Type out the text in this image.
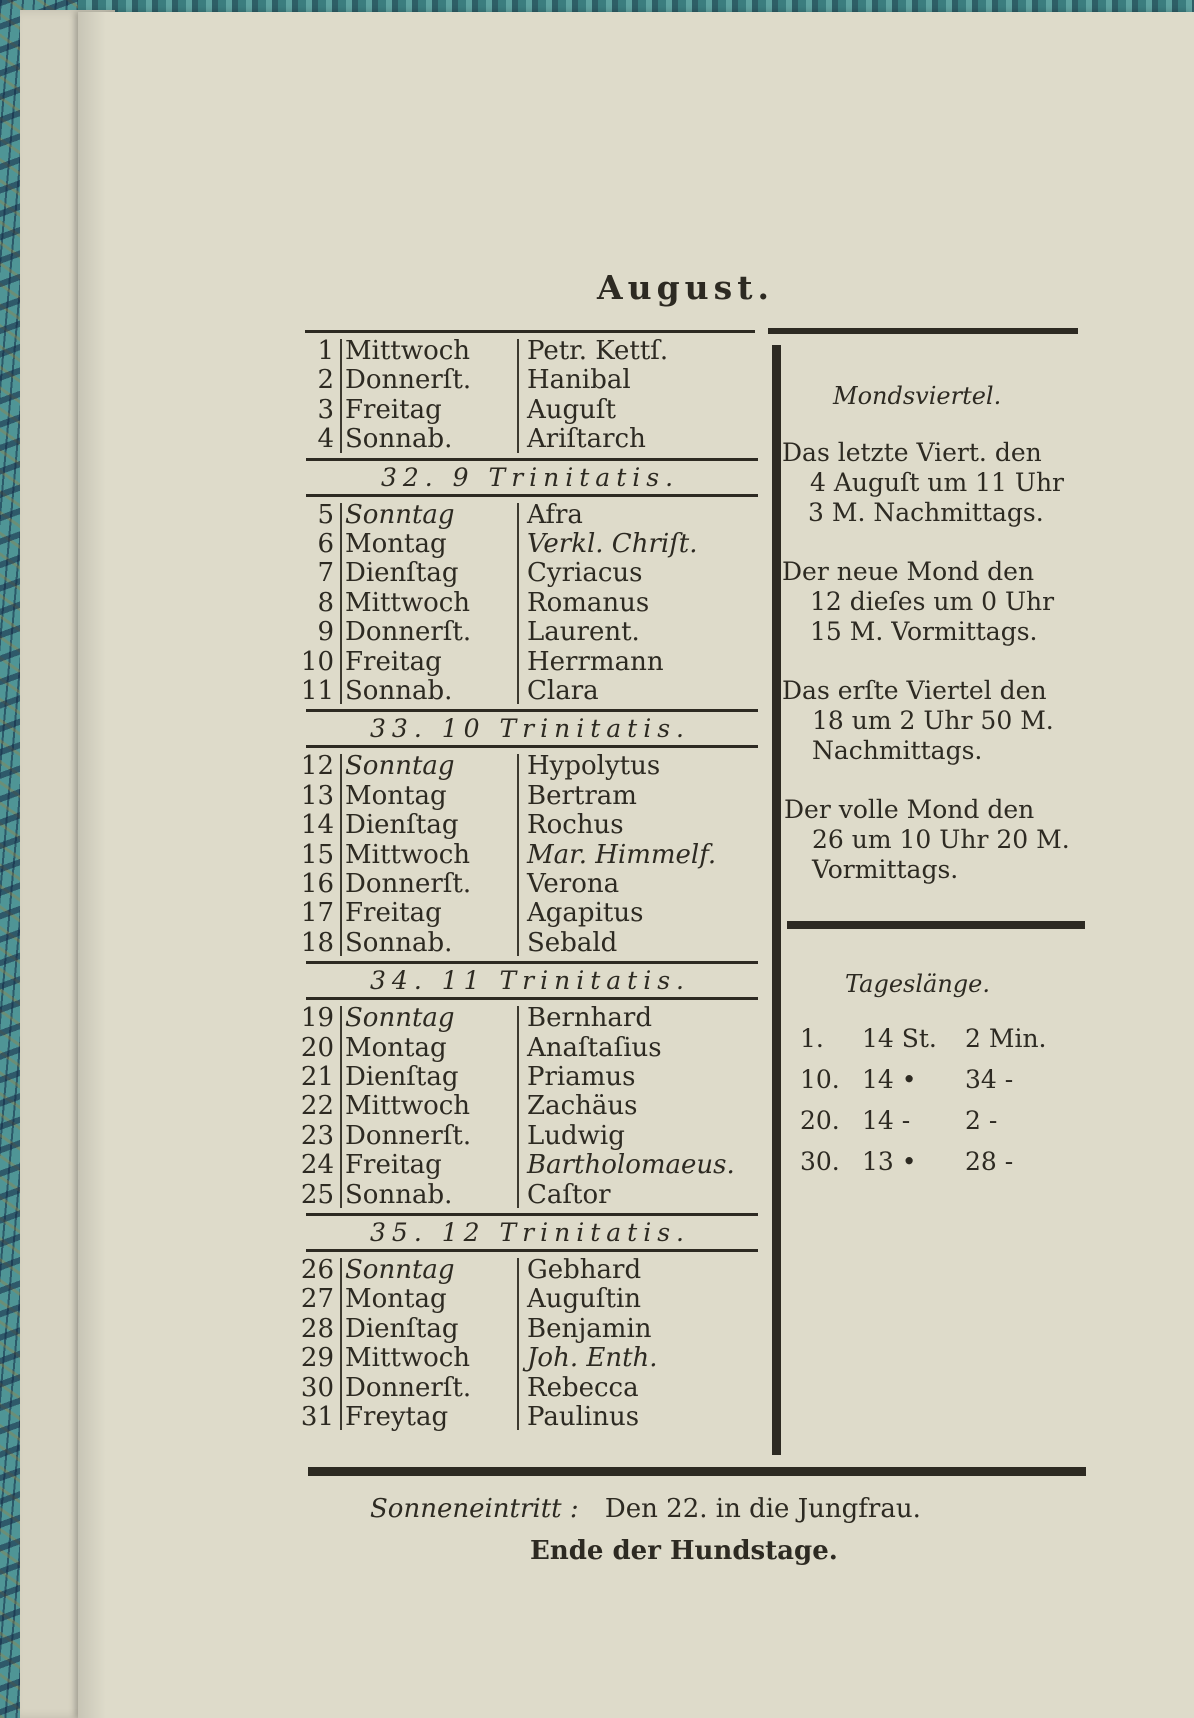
August.
1 Mittwoch Petr. Kettſ.
2 Donnerſt. Hanibal
3 Freitag	Auguſt
4 Sonnab.	Ariſtarch
32. 9 Trinitatis.
5 Sonntag	Afra
6 Montag	Verkl. Chriſt.
7 Dienſtag	Cyriacus
8 Mittwoch Romanus
9 Donnerſt. Laurent.
10 Freitag	Herrmann
11 Sonnab.	Clara
33. 10 Trinitatis.
12 Sonntag	Hypolytus
13 Montag	Bertram
14 Dienſtag	Rochus
15 Mittwoch Mar. Himmelf.
16 Donnerſt. Verona
17 Freitag	Agapitus
18 Sonnab.	Sebald
34. 11 Trinitatis.
19 Sonntag	Bernhard
20 Montag	Anaſtaſius
21 Dienſtag	Priamus
22 Mittwoch Zachäus
23 Donnerſt. Ludwig
24 Freitag	Bartholomaeus.
25 Sonnab.	Caſtor
35. 12 Trinitatis.
26 Sonntag	Gebhard
27 Montag	Auguſtin
28 Dienſtag	Benjamin
29 Mittwoch Joh. Enth.
30 Donnerſt. Rebecca
31 Freytag	Paulinus
Mondsviertel.
Das letzte Viert. den
4 Auguſt um 11 Uhr
3 M. Nachmittags.
Der neue Mond den
12 dieſes um 0 Uhr
15 M. Vormittags.
Das erſte Viertel den
18 um 2 Uhr 50 M.
Nachmittags.
Der volle Mond den
26 um 10 Uhr 20 M.
Vormittags.
Tageslänge.
1. 14 St. 2 Min.
10. 14 • 34 -
20. 14 - 2 -
30. 13 • 28 -
Sonneneintritt : Den 22. in die Jungfrau.
Ende der Hundstage.
